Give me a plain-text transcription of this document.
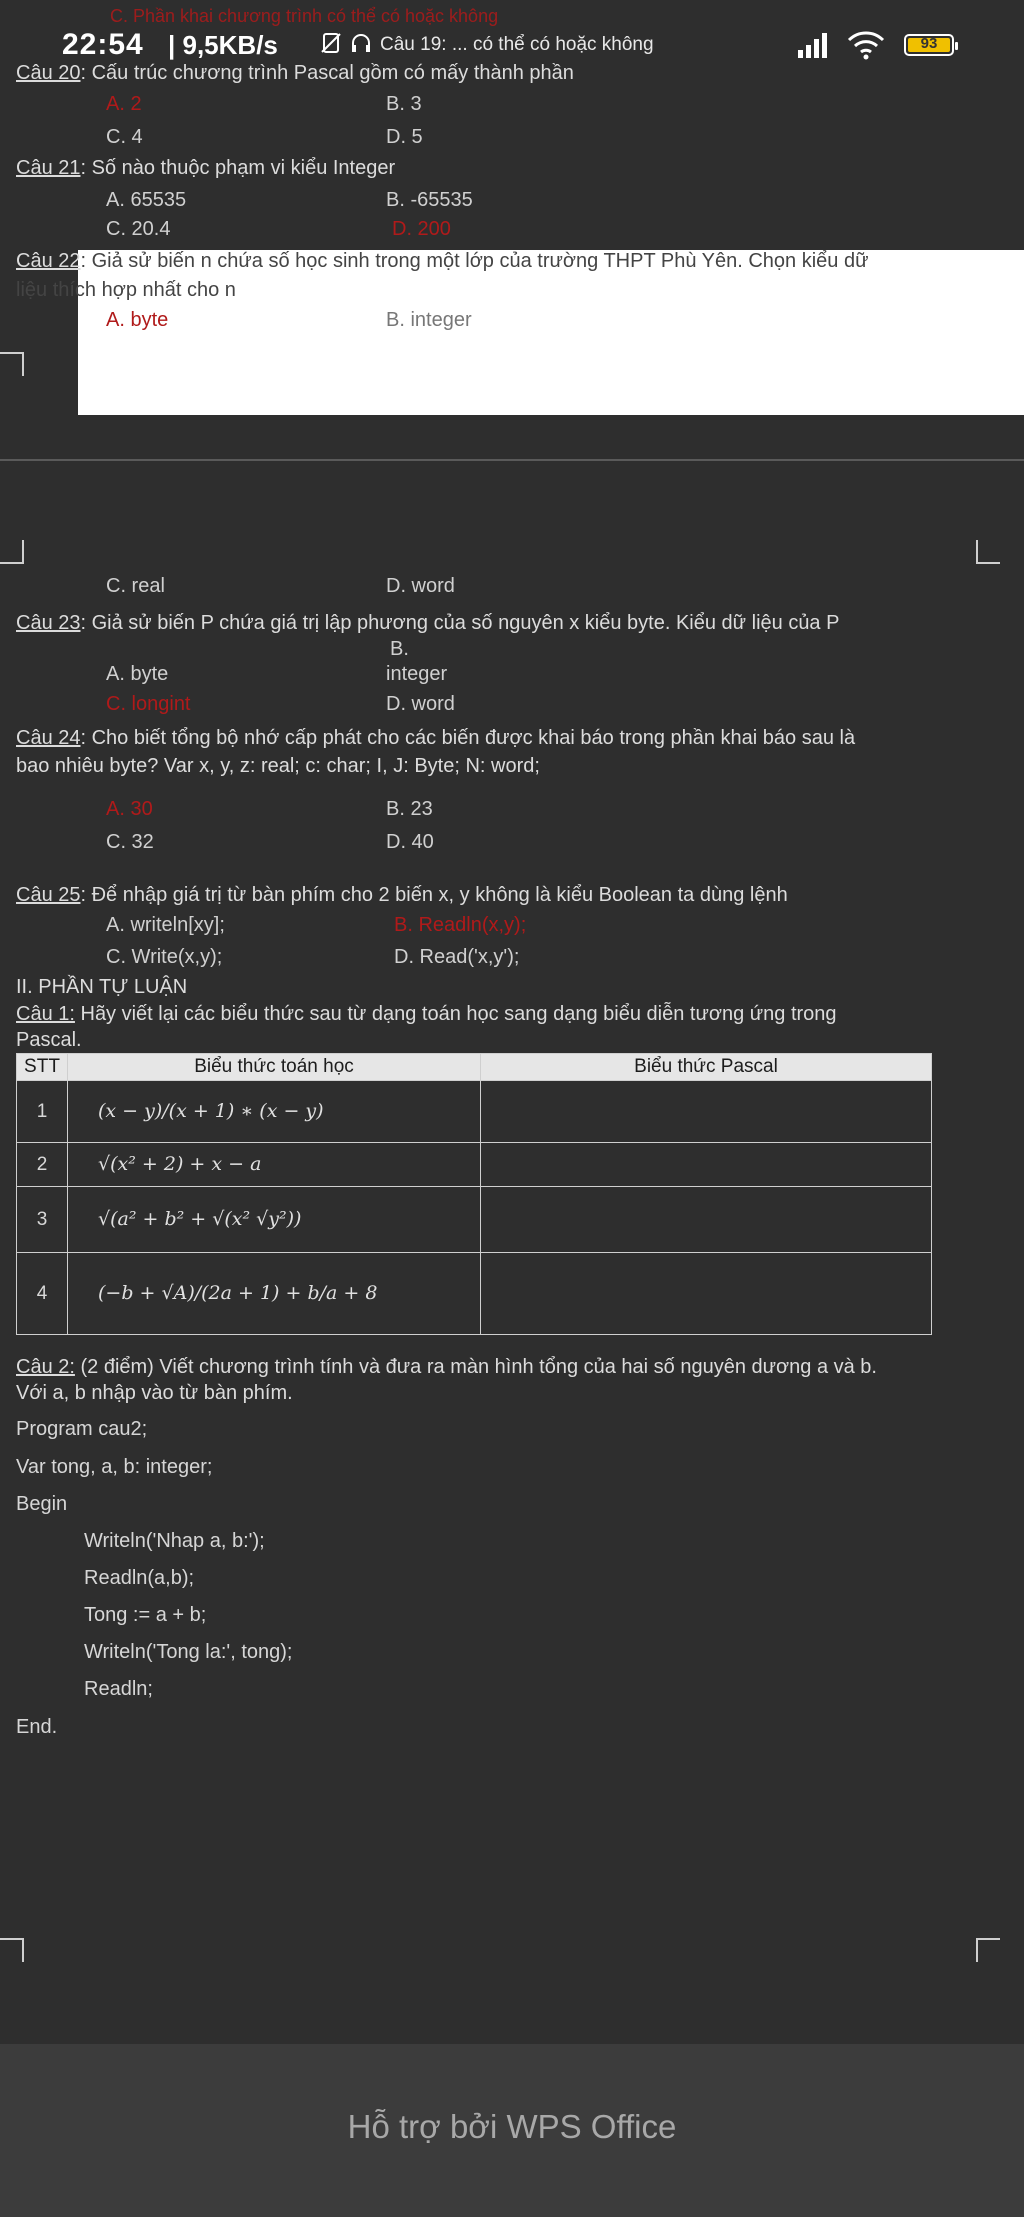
C. Phần khai chương trình có thể có hoặc không
22:54 | 9,5KB/s	Câu 19: ... có thể có hoặc không	93
Câu 20: Cấu trúc chương trình Pascal gồm có mấy thành phần
A. 2	B. 3
C. 4	D. 5
Câu 21: Số nào thuộc phạm vi kiểu Integer
A. 65535	B. -65535
C. 20.4	D. 200
Câu 22: Giả sử biến n chứa số học sinh trong một lớp của trường THPT Phù Yên. Chọn kiểu dữ
liệu thích hợp nhất cho n
A. byte	B. integer
C. real	D. word
Câu 23: Giả sử biến P chứa giá trị lập phương của số nguyên x kiểu byte. Kiểu dữ liệu của P
B.
A. byte	integer
C. longint	D. word
Câu 24: Cho biết tổng bộ nhớ cấp phát cho các biến được khai báo trong phần khai báo sau là
bao nhiêu byte? Var x, y, z: real; c: char; I, J: Byte; N: word;
A. 30	B. 23
C. 32	D. 40
Câu 25: Để nhập giá trị từ bàn phím cho 2 biến x, y không là kiểu Boolean ta dùng lệnh
A. writeln[xy];	B. Readln(x,y);
C. Write(x,y);	D. Read('x,y');
II. PHẦN TỰ LUẬN
Câu 1: Hãy viết lại các biểu thức sau từ dạng toán học sang dạng biểu diễn tương ứng trong
Pascal.
STT	Biểu thức toán học	Biểu thức Pascal
1	(x − y)/(x + 1) ∗ (x − y)	
2	√(x² + 2) + x − a	
3	√(a² + b² + √(x² √y²))	
4	(−b + √A)/(2a + 1) + b/a + 8	
Câu 2: (2 điểm) Viết chương trình tính và đưa ra màn hình tổng của hai số nguyên dương a và b.
Với a, b nhập vào từ bàn phím.
Program cau2;
Var tong, a, b: integer;
Begin
Writeln('Nhap a, b:');
Readln(a,b);
Tong := a + b;
Writeln('Tong la:', tong);
Readln;
End.
Hỗ trợ bởi WPS Office
